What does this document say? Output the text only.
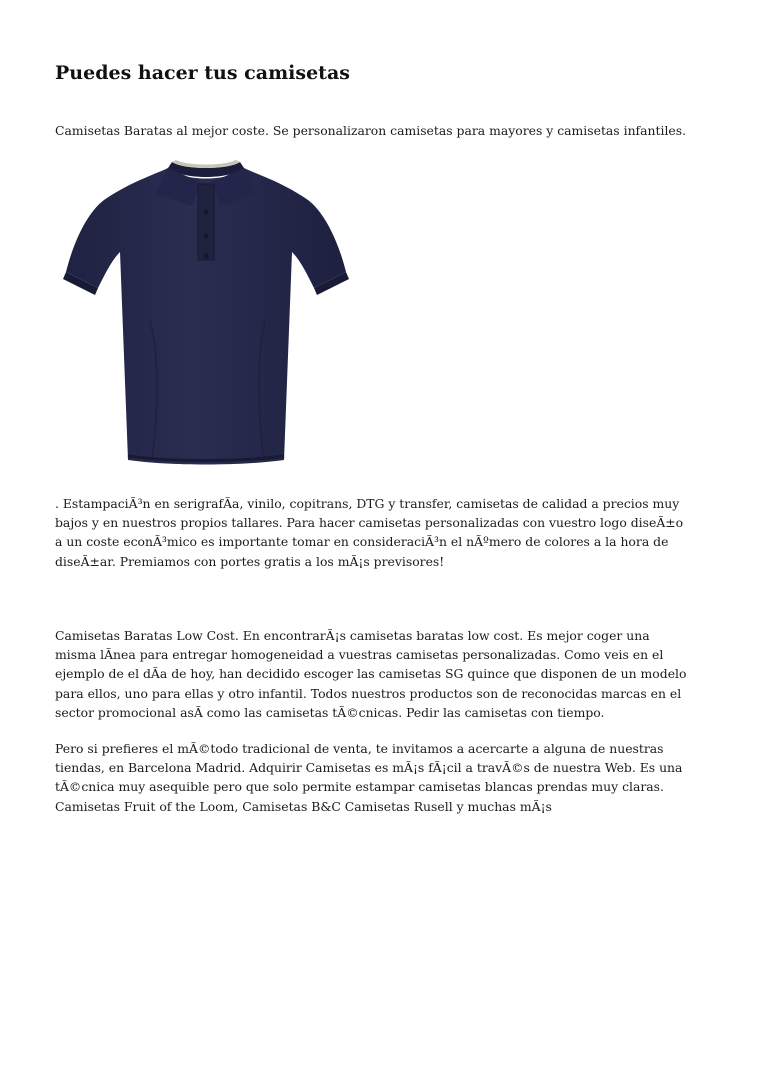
Puedes hacer tus camisetas

Camisetas Baratas al mejor coste. Se personalizaron camisetas para mayores y camisetas infantiles.

. EstampaciÃ³n en serigrafÃa, vinilo, copitrans, DTG y transfer, camisetas de calidad a precios muy
bajos y en nuestros propios tallares. Para hacer camisetas personalizadas con vuestro logo diseÃ±o
a un coste econÃ³mico es importante tomar en consideraciÃ³n el nÃºmero de colores a la hora de
diseÃ±ar. Premiamos con portes gratis a los mÃ¡s previsores!

Camisetas Baratas Low Cost. En encontrarÃ¡s camisetas baratas low cost. Es mejor coger una
misma lÃnea para entregar homogeneidad a vuestras camisetas personalizadas. Como veis en el
ejemplo de el dÃa de hoy, han decidido escoger las camisetas SG quince que disponen de un modelo
para ellos, uno para ellas y otro infantil. Todos nuestros productos son de reconocidas marcas en el
sector promocional asÃ como las camisetas tÃ©cnicas. Pedir las camisetas con tiempo.

Pero si prefieres el mÃ©todo tradicional de venta, te invitamos a acercarte a alguna de nuestras
tiendas, en Barcelona Madrid. Adquirir Camisetas es mÃ¡s fÃ¡cil a travÃ©s de nuestra Web. Es una
tÃ©cnica muy asequible pero que solo permite estampar camisetas blancas prendas muy claras.
Camisetas Fruit of the Loom, Camisetas B&C Camisetas Rusell y muchas mÃ¡s
